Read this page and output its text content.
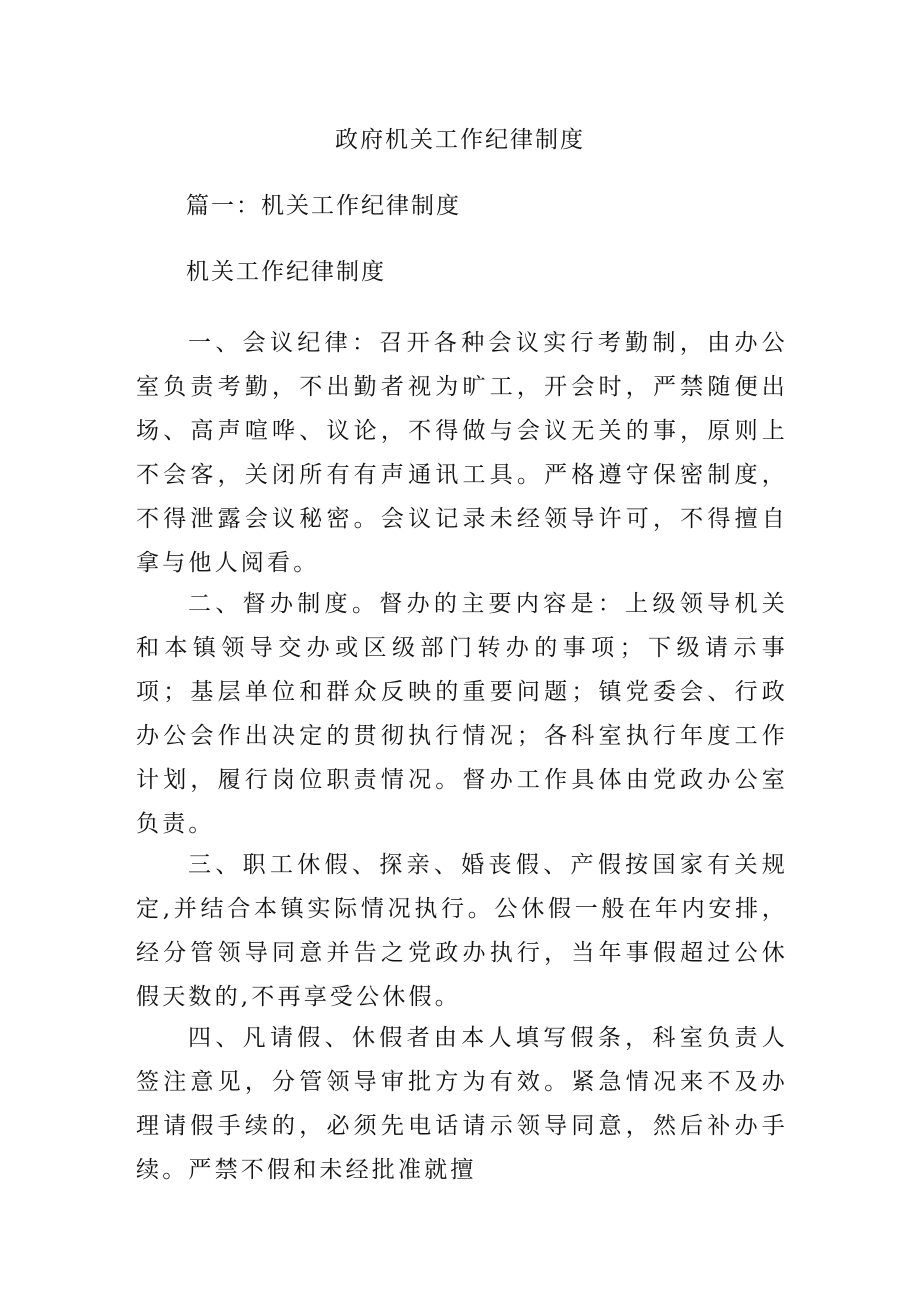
政府机关工作纪律制度
篇一：机关工作纪律制度
机关工作纪律制度

一、会议纪律：召开各种会议实行考勤制，由办公室负责考勤，不出勤者视为旷工，开会时，严禁随便出场、高声喧哗、议论，不得做与会议无关的事，原则上不会客，关闭所有有声通讯工具。严格遵守保密制度，不得泄露会议秘密。会议记录未经领导许可，不得擅自拿与他人阅看。

二、督办制度。督办的主要内容是：上级领导机关和本镇领导交办或区级部门转办的事项；下级请示事项；基层单位和群众反映的重要问题；镇党委会、行政办公会作出决定的贯彻执行情况；各科室执行年度工作计划，履行岗位职责情况。督办工作具体由党政办公室负责。

三、职工休假、探亲、婚丧假、产假按国家有关规定,并结合本镇实际情况执行。公休假一般在年内安排，经分管领导同意并告之党政办执行，当年事假超过公休假天数的,不再享受公休假。

四、凡请假、休假者由本人填写假条，科室负责人签注意见，分管领导审批方为有效。紧急情况来不及办理请假手续的，必须先电话请示领导同意，然后补办手续。严禁不假和未经批准就擅
